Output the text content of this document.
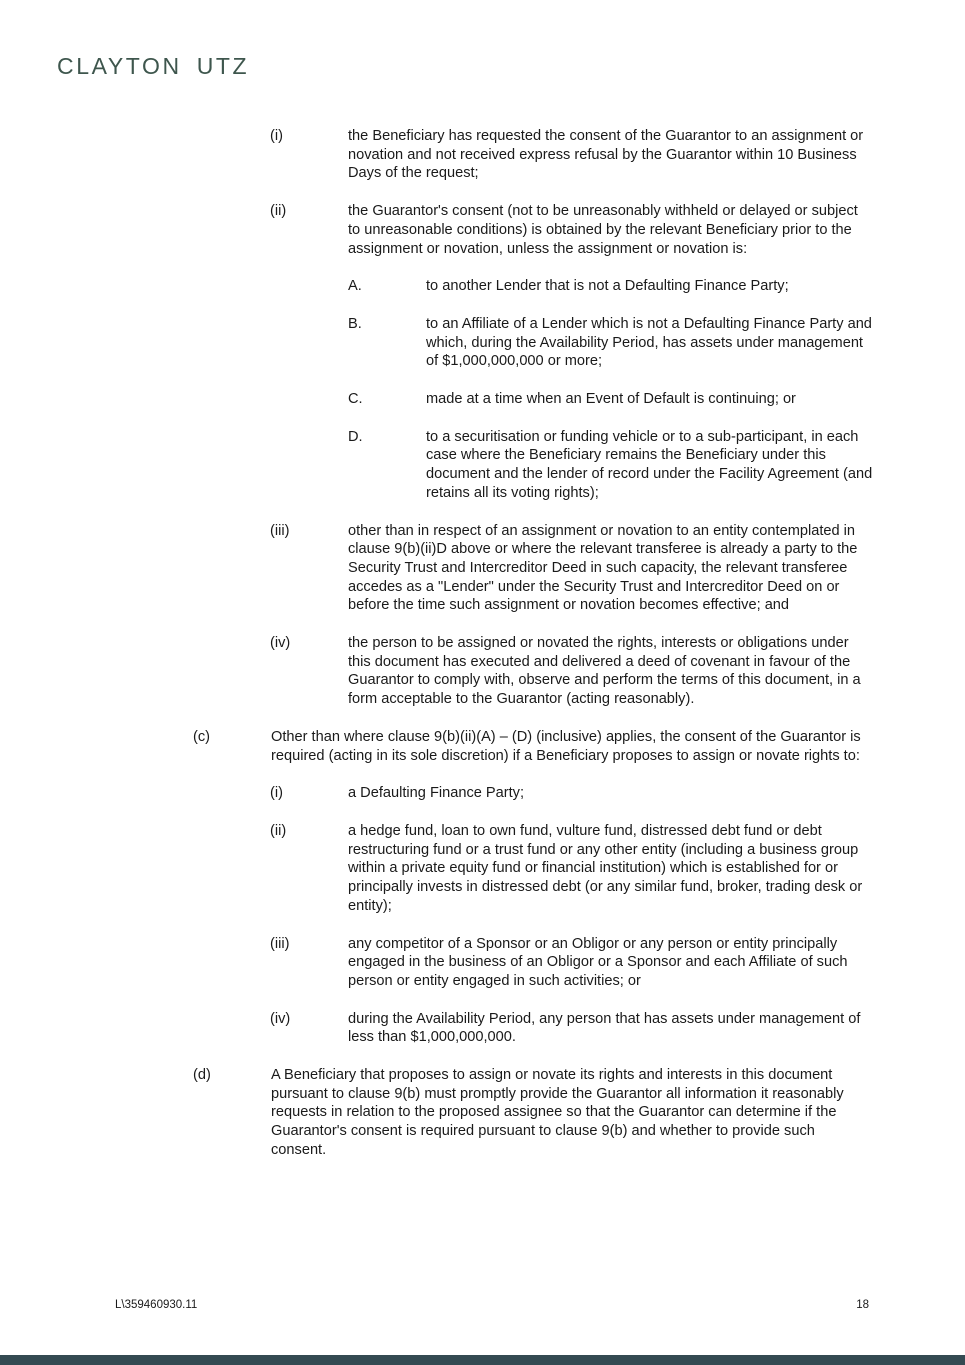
CLAYTON UTZ
(i)	the Beneficiary has requested the consent of the Guarantor to an assignment or novation and not received express refusal by the Guarantor within 10 Business Days of the request;
(ii)	the Guarantor's consent (not to be unreasonably withheld or delayed or subject to unreasonable conditions) is obtained by the relevant Beneficiary prior to the assignment or novation, unless the assignment or novation is:
A.	to another Lender that is not a Defaulting Finance Party;
B.	to an Affiliate of a Lender which is not a Defaulting Finance Party and which, during the Availability Period, has assets under management of $1,000,000,000 or more;
C.	made at a time when an Event of Default is continuing; or
D.	to a securitisation or funding vehicle or to a sub-participant, in each case where the Beneficiary remains the Beneficiary under this document and the lender of record under the Facility Agreement (and retains all its voting rights);
(iii)	other than in respect of an assignment or novation to an entity contemplated in clause 9(b)(ii)D above or where the relevant transferee is already a party to the Security Trust and Intercreditor Deed in such capacity, the relevant transferee accedes as a "Lender" under the Security Trust and Intercreditor Deed on or before the time such assignment or novation becomes effective; and
(iv)	the person to be assigned or novated the rights, interests or obligations under this document has executed and delivered a deed of covenant in favour of the Guarantor to comply with, observe and perform the terms of this document, in a form acceptable to the Guarantor (acting reasonably).
(c)	Other than where clause 9(b)(ii)(A) – (D) (inclusive) applies, the consent of the Guarantor is required (acting in its sole discretion) if a Beneficiary proposes to assign or novate rights to:
(i)	a Defaulting Finance Party;
(ii)	a hedge fund, loan to own fund, vulture fund, distressed debt fund or debt restructuring fund or a trust fund or any other entity (including a business group within a private equity fund or financial institution) which is established for or principally invests in distressed debt (or any similar fund, broker, trading desk or entity);
(iii)	any competitor of a Sponsor or an Obligor or any person or entity principally engaged in the business of an Obligor or a Sponsor and each Affiliate of such person or entity engaged in such activities; or
(iv)	during the Availability Period, any person that has assets under management of less than $1,000,000,000.
(d)	A Beneficiary that proposes to assign or novate its rights and interests in this document pursuant to clause 9(b) must promptly provide the Guarantor all information it reasonably requests in relation to the proposed assignee so that the Guarantor can determine if the Guarantor's consent is required pursuant to clause 9(b) and whether to provide such consent.
L\359460930.11	18
